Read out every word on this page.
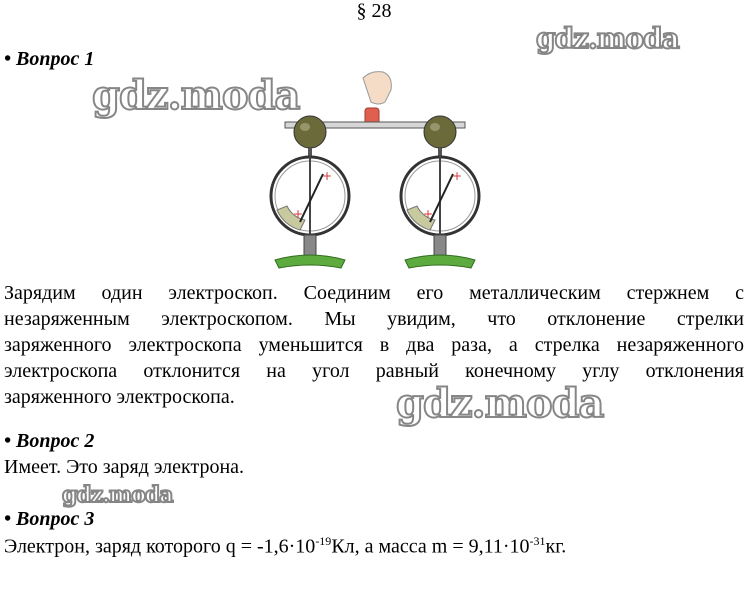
§ 28
gdz.moda
gdz.moda
gdz.moda
gdz.moda
• Вопрос 1
+
+
+
+
Зарядим один электроскоп. Соединим его металлическим стержнем с
незаряженным электроскопом. Мы увидим, что отклонение стрелки
заряженного электроскопа уменьшится в два раза, а стрелка незаряженного
электроскопа отклонится на угол равный конечному углу отклонения
заряженного электроскопа.
• Вопрос 2
Имеет. Это заряд электрона.
• Вопрос 3
Электрон, заряд которого $q = -1,6\cdot 10^{-19}Кл$, а масса $m = 9,11\cdot 10^{-31}кг$.
